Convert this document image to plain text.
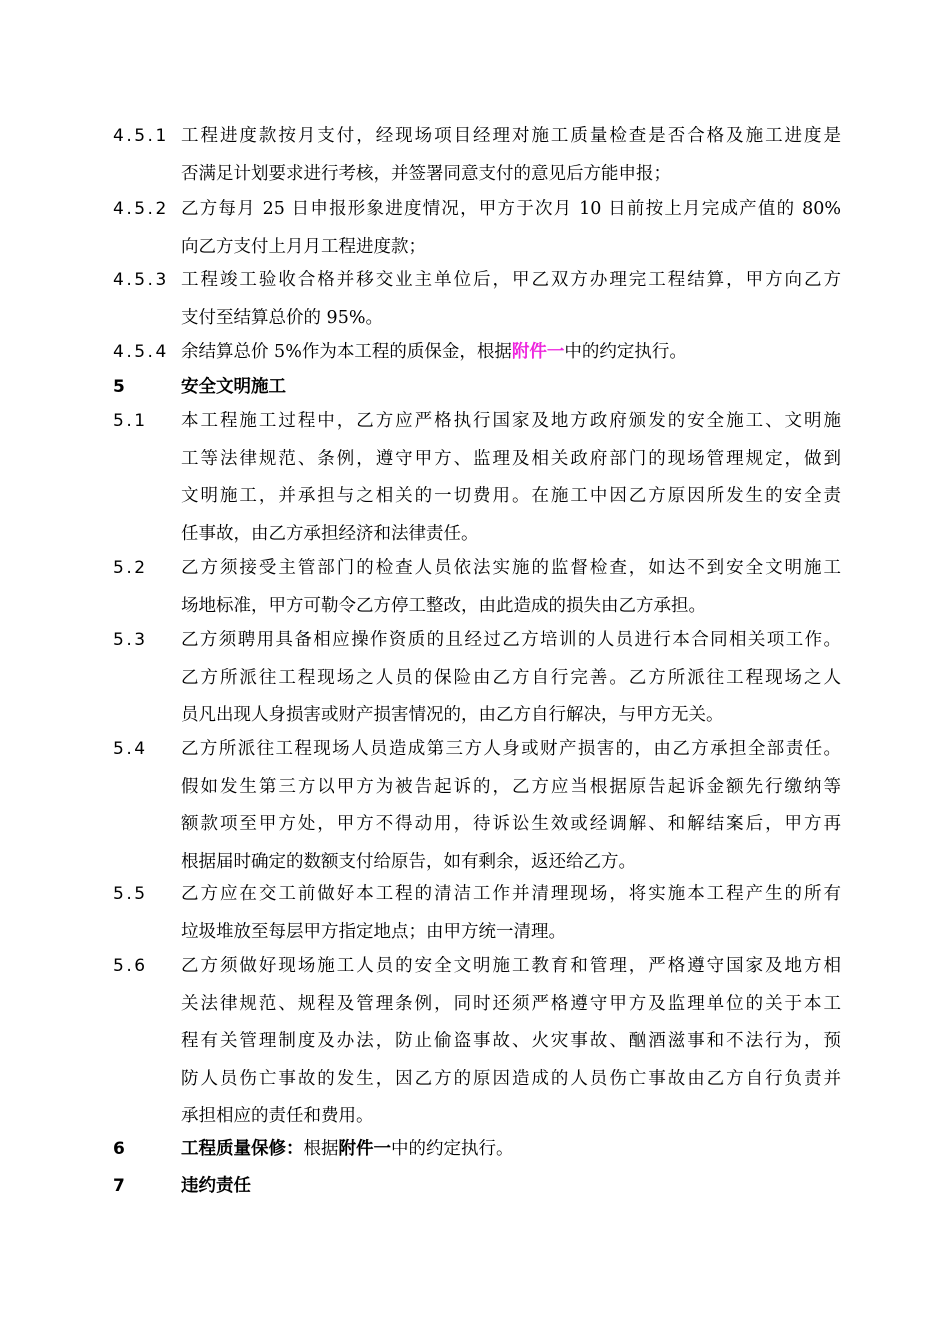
4.5.1 工程进度款按月支付，经现场项目经理对施工质量检查是否合格及施工进度是
否满足计划要求进行考核，并签署同意支付的意见后方能申报；
4.5.2 乙方每月 25 日申报形象进度情况，甲方于次月 10 日前按上月完成产值的 80%
向乙方支付上月月工程进度款；
4.5.3 工程竣工验收合格并移交业主单位后，甲乙双方办理完工程结算，甲方向乙方
支付至结算总价的 95%。
4.5.4 余结算总价 5%作为本工程的质保金，根据附件一中的约定执行。
5	安全文明施工
5.1 本工程施工过程中，乙方应严格执行国家及地方政府颁发的安全施工、文明施
工等法律规范、条例，遵守甲方、监理及相关政府部门的现场管理规定，做到
文明施工，并承担与之相关的一切费用。在施工中因乙方原因所发生的安全责
任事故，由乙方承担经济和法律责任。
5.2 乙方须接受主管部门的检查人员依法实施的监督检查，如达不到安全文明施工
场地标准，甲方可勒令乙方停工整改，由此造成的损失由乙方承担。
5.3 乙方须聘用具备相应操作资质的且经过乙方培训的人员进行本合同相关项工作。
乙方所派往工程现场之人员的保险由乙方自行完善。乙方所派往工程现场之人
员凡出现人身损害或财产损害情况的，由乙方自行解决，与甲方无关。
5.4 乙方所派往工程现场人员造成第三方人身或财产损害的，由乙方承担全部责任。
假如发生第三方以甲方为被告起诉的，乙方应当根据原告起诉金额先行缴纳等
额款项至甲方处，甲方不得动用，待诉讼生效或经调解、和解结案后，甲方再
根据届时确定的数额支付给原告，如有剩余，返还给乙方。
5.5 乙方应在交工前做好本工程的清洁工作并清理现场，将实施本工程产生的所有
垃圾堆放至每层甲方指定地点；由甲方统一清理。
5.6 乙方须做好现场施工人员的安全文明施工教育和管理，严格遵守国家及地方相
关法律规范、规程及管理条例，同时还须严格遵守甲方及监理单位的关于本工
程有关管理制度及办法，防止偷盗事故、火灾事故、酗酒滋事和不法行为，预
防人员伤亡事故的发生，因乙方的原因造成的人员伤亡事故由乙方自行负责并
承担相应的责任和费用。
6	工程质量保修：根据附件一中的约定执行。
7	违约责任
